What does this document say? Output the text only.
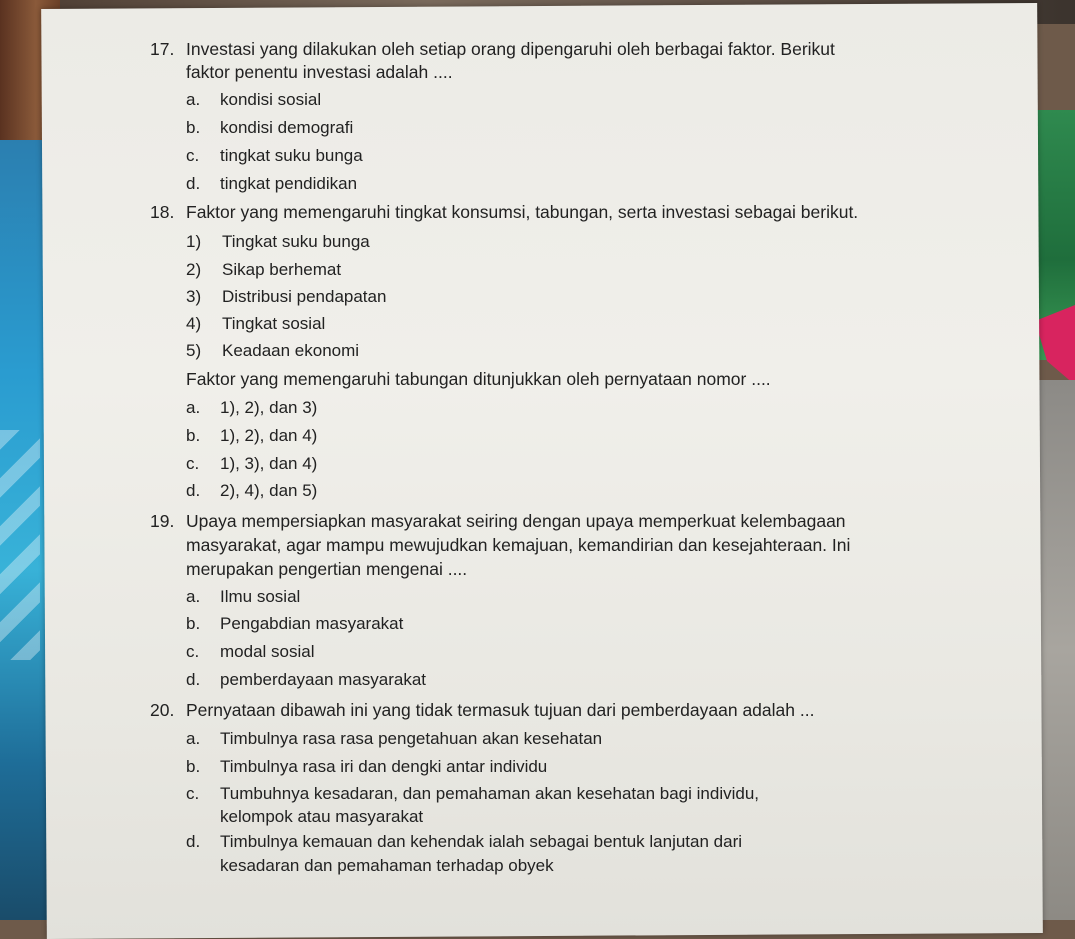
17. Investasi yang dilakukan oleh setiap orang dipengaruhi oleh berbagai faktor. Berikut
faktor penentu investasi adalah ....
a. kondisi sosial
b. kondisi demografi
c. tingkat suku bunga
d. tingkat pendidikan
18. Faktor yang memengaruhi tingkat konsumsi, tabungan, serta investasi sebagai berikut.
1) Tingkat suku bunga
2) Sikap berhemat
3) Distribusi pendapatan
4) Tingkat sosial
5) Keadaan ekonomi
Faktor yang memengaruhi tabungan ditunjukkan oleh pernyataan nomor ....
a. 1), 2), dan 3)
b. 1), 2), dan 4)
c. 1), 3), dan 4)
d. 2), 4), dan 5)
19. Upaya mempersiapkan masyarakat seiring dengan upaya memperkuat kelembagaan
masyarakat, agar mampu mewujudkan kemajuan, kemandirian dan kesejahteraan. Ini
merupakan pengertian mengenai ....
a. Ilmu sosial
b. Pengabdian masyarakat
c. modal sosial
d. pemberdayaan masyarakat
20. Pernyataan dibawah ini yang tidak termasuk tujuan dari pemberdayaan adalah ...
a. Timbulnya rasa rasa pengetahuan akan kesehatan
b. Timbulnya rasa iri dan dengki antar individu
c. Tumbuhnya kesadaran, dan pemahaman akan kesehatan bagi individu,
kelompok atau masyarakat
d. Timbulnya kemauan dan kehendak ialah sebagai bentuk lanjutan dari
kesadaran dan pemahaman terhadap obyek
